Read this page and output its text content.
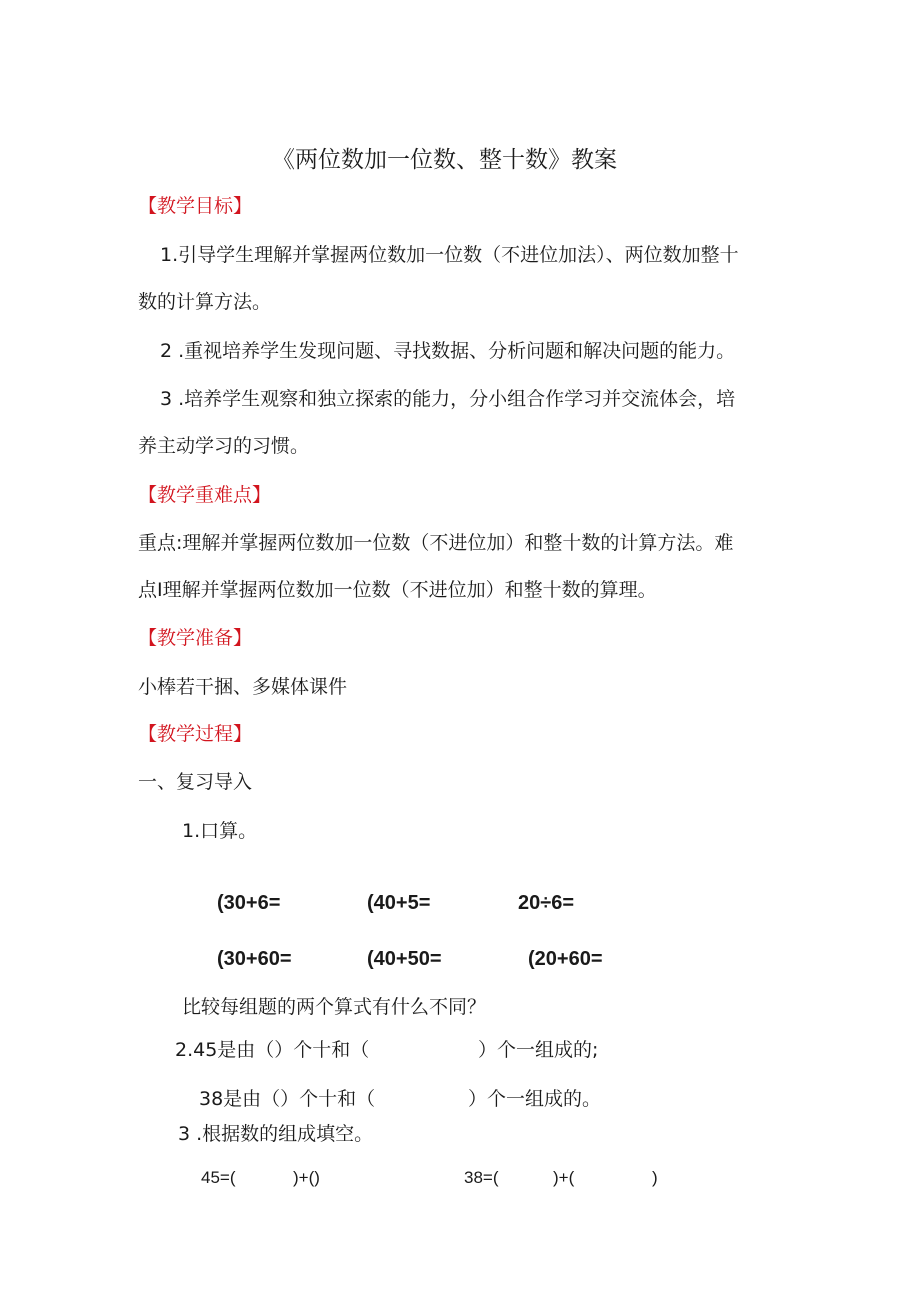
《两位数加一位数、整十数》教案
【教学目标】
1.引导学生理解并掌握两位数加一位数（不进位加法）、两位数加整十
数的计算方法。
2 .重视培养学生发现问题、寻找数据、分析问题和解决问题的能力。
3 .培养学生观察和独立探索的能力，分小组合作学习并交流体会，培
养主动学习的习惯。
【教学重难点】
重点:理解并掌握两位数加一位数（不进位加）和整十数的计算方法。难
点I理解并掌握两位数加一位数（不进位加）和整十数的算理。
【教学准备】
小棒若干捆、多媒体课件
【教学过程】
一、复习导入
1.口算。
(30+6=	(40+5=	20÷6=
(30+60=	(40+50=	(20+60=
比较每组题的两个算式有什么不同？
2.45是由（）个十和（	）个一组成的;
38是由（）个十和（	）个一组成的。
3 .根据数的组成填空。
45=(	)+()	38=(	)+(	)
